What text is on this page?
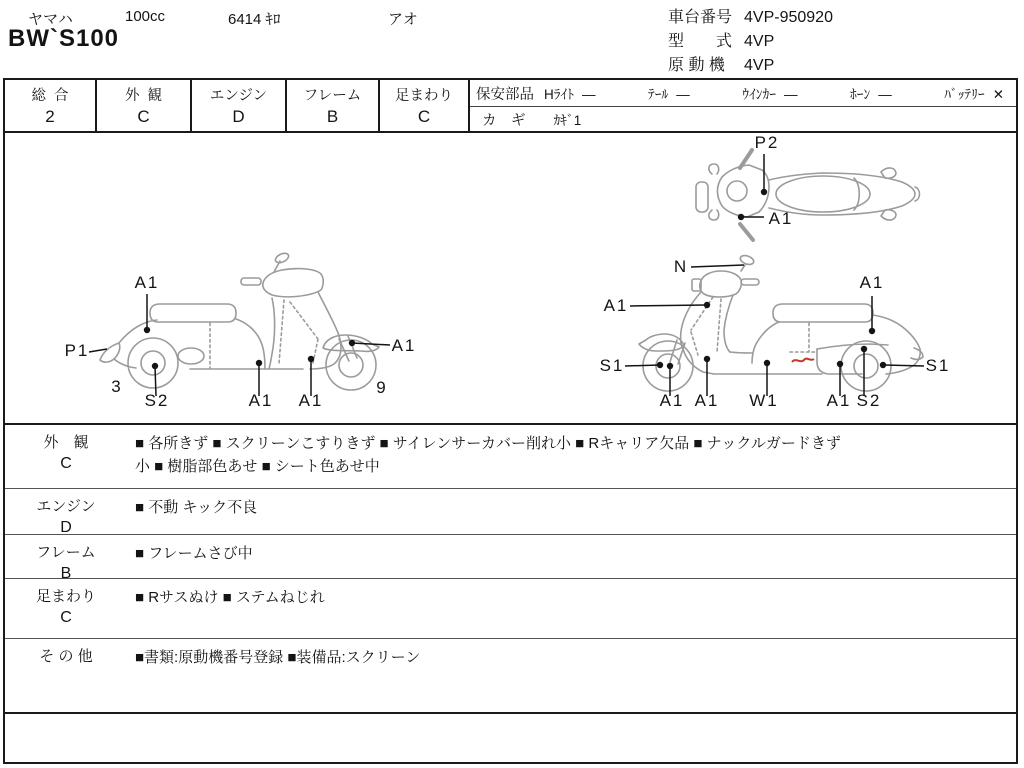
ヤマハ	100cc	6414 ｷﾛ	アオ
BW`S100
車台番号 4VP-950920
型　　式 4VP
原 動 機 4VP
総  合
2
外  観
C
エンジン
D
フレーム
B
足まわり
C
保安部品 Hﾗｲﾄ ―	ﾃｰﾙ ―	ｳｲﾝｶｰ ―	ﾎｰﾝ ―	ﾊﾞｯﾃﾘｰ ✕
カ　ギ ｶｷﾞ1
P2
A1
A1
P1
3
S2	A1 A1
A1
9
N
A1
S1
A1 A1 W1	A1 S2
S1
A1
外　観
C
■ 各所きず ■ スクリーンこすりきず ■ サイレンサーカバー削れ小 ■ Rキャリア欠品 ■ ナックルガードきず
小 ■ 樹脂部色あせ ■ シート色あせ中
エンジン
D
■ 不動 キック不良
フレーム
B
■ フレームさび中
足まわり
C
■ Rサスぬけ ■ ステムねじれ
そ の 他	■書類:原動機番号登録 ■装備品:スクリーン
